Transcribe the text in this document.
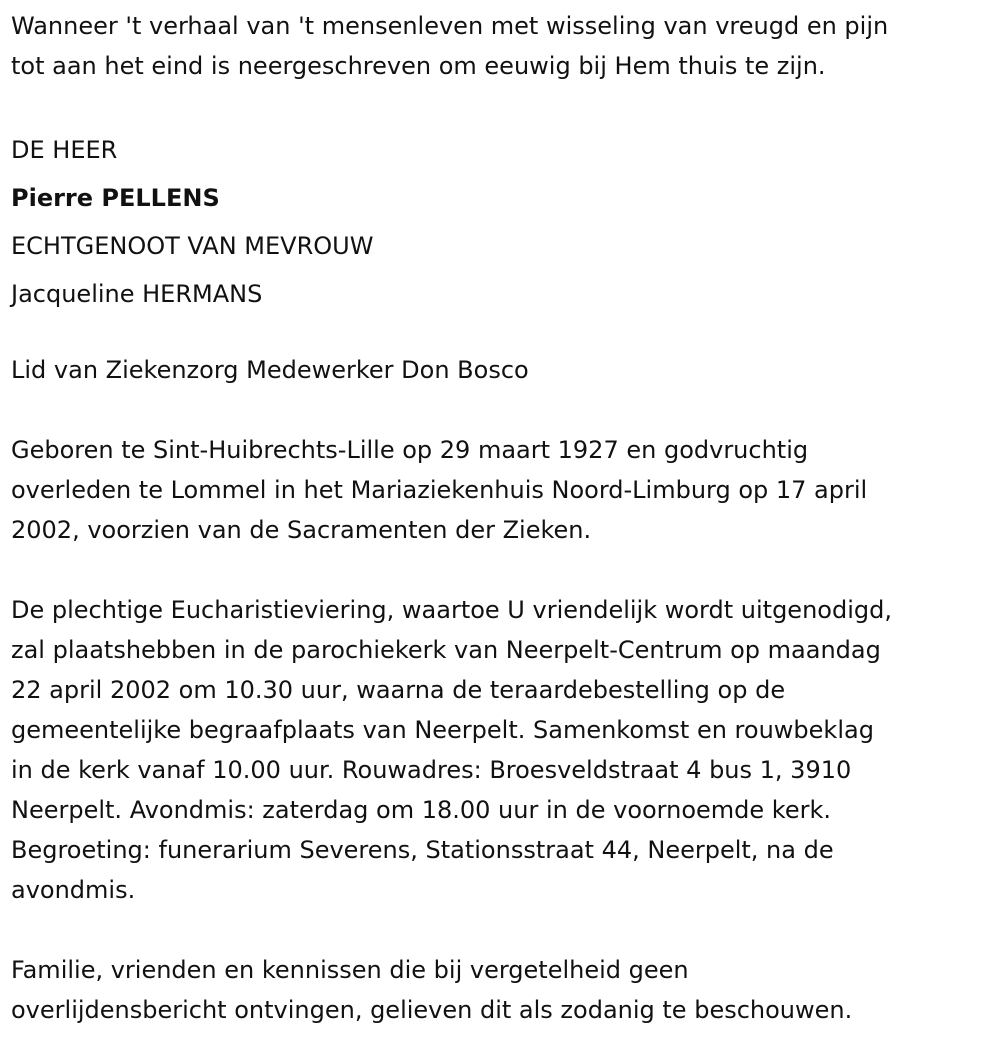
Wanneer 't verhaal van 't mensenleven met wisseling van vreugd en pijn
tot aan het eind is neergeschreven om eeuwig bij Hem thuis te zijn.
DE HEER
Pierre PELLENS
ECHTGENOOT VAN MEVROUW
Jacqueline HERMANS
Lid van Ziekenzorg Medewerker Don Bosco
Geboren te Sint-Huibrechts-Lille op 29 maart 1927 en godvruchtig
overleden te Lommel in het Mariaziekenhuis Noord-Limburg op 17 april
2002, voorzien van de Sacramenten der Zieken.
De plechtige Eucharistieviering, waartoe U vriendelijk wordt uitgenodigd,
zal plaatshebben in de parochiekerk van Neerpelt-Centrum op maandag
22 april 2002 om 10.30 uur, waarna de teraardebestelling op de
gemeentelijke begraafplaats van Neerpelt. Samenkomst en rouwbeklag
in de kerk vanaf 10.00 uur. Rouwadres: Broesveldstraat 4 bus 1, 3910
Neerpelt. Avondmis: zaterdag om 18.00 uur in de voornoemde kerk.
Begroeting: funerarium Severens, Stationsstraat 44, Neerpelt, na de
avondmis.
Familie, vrienden en kennissen die bij vergetelheid geen
overlijdensbericht ontvingen, gelieven dit als zodanig te beschouwen.
